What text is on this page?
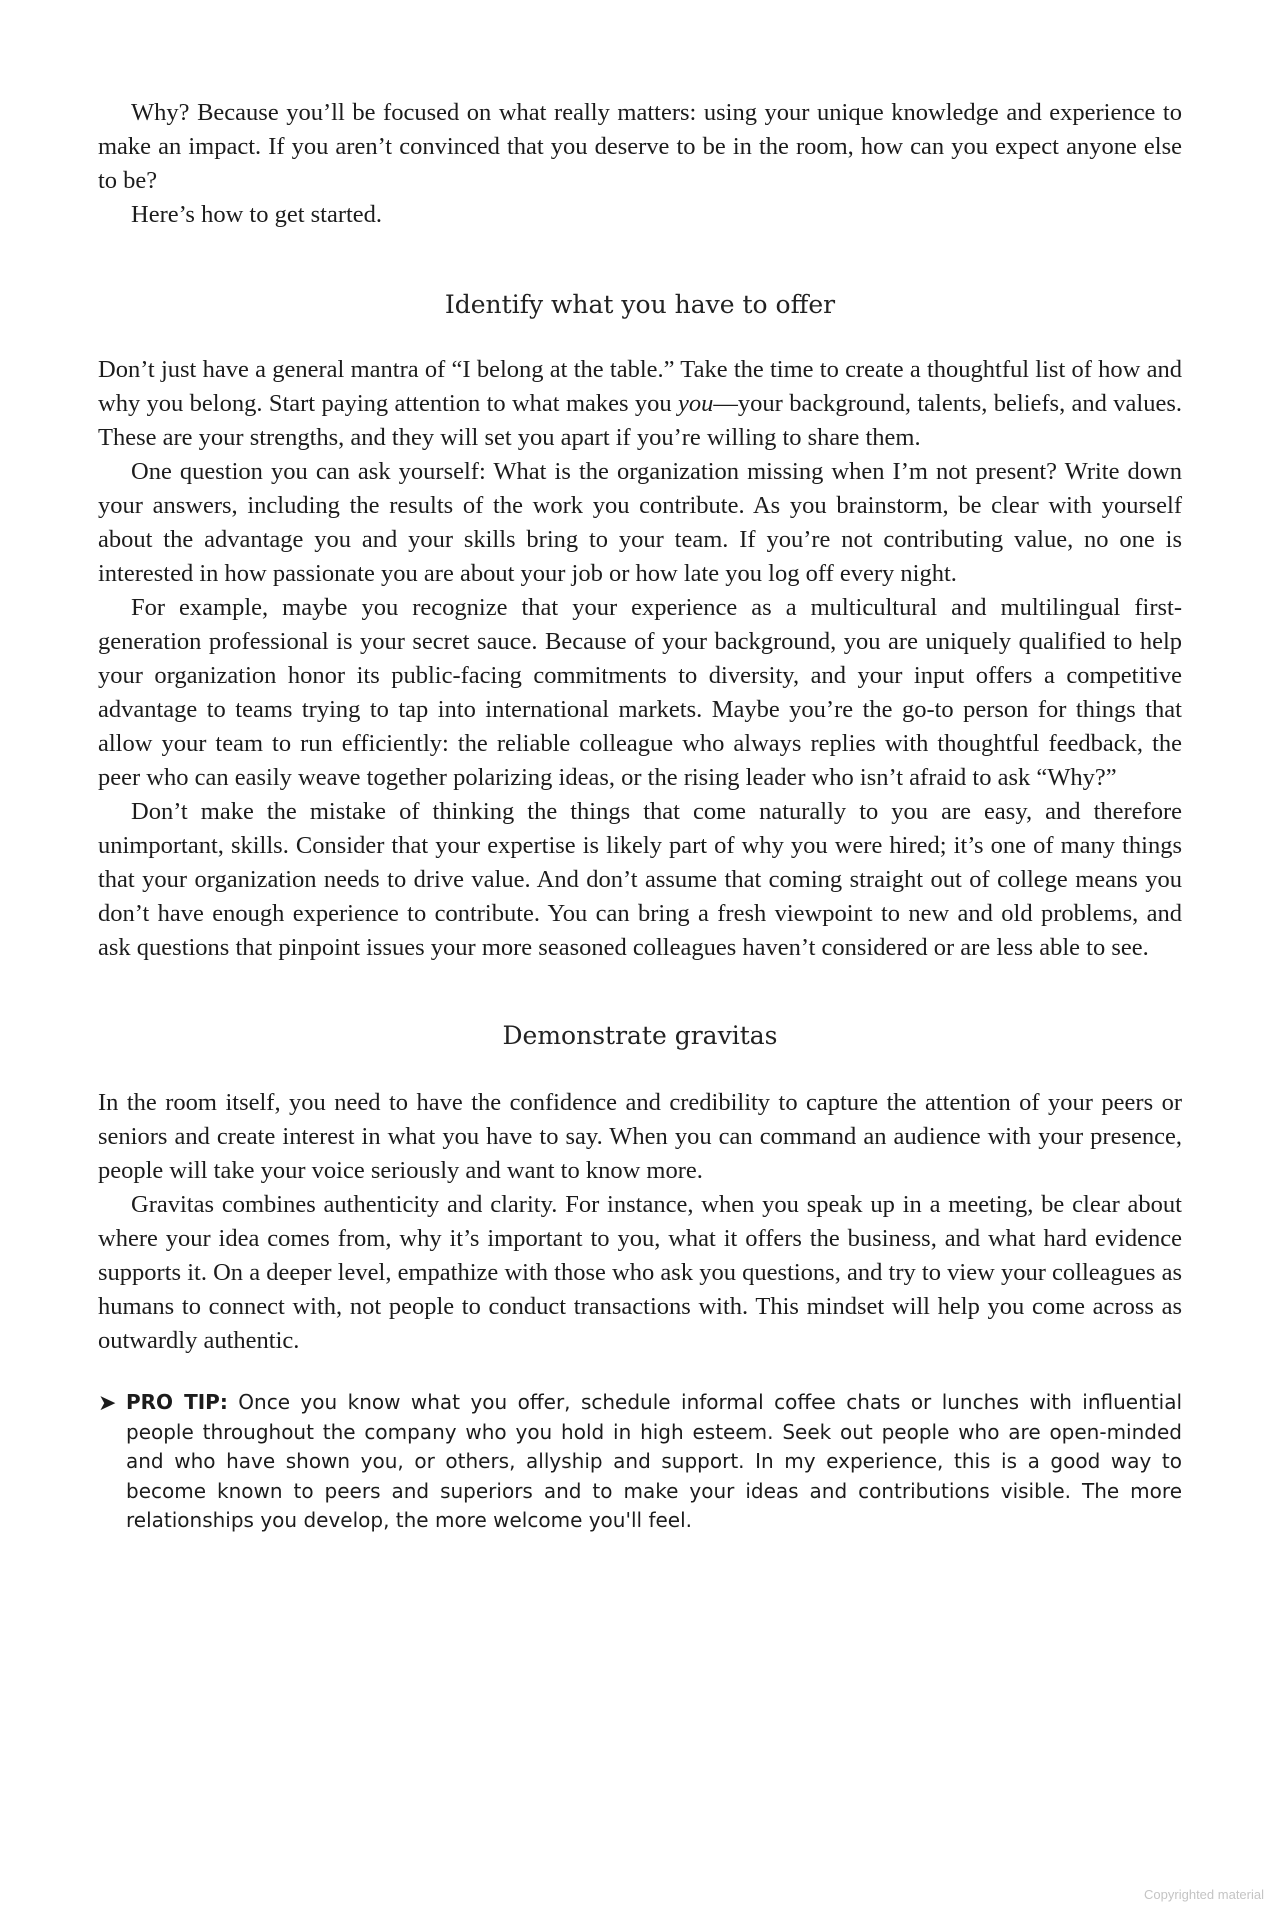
Why? Because you’ll be focused on what really matters: using your unique knowledge and experience to make an impact. If you aren’t convinced that you deserve to be in the room, how can you expect anyone else to be?

Here’s how to get started.

Identify what you have to offer

Don’t just have a general mantra of “I belong at the table.” Take the time to create a thoughtful list of how and why you belong. Start paying attention to what makes you you—your background, talents, beliefs, and values. These are your strengths, and they will set you apart if you’re willing to share them.

One question you can ask yourself: What is the organization missing when I’m not present? Write down your answers, including the results of the work you contribute. As you brainstorm, be clear with yourself about the advantage you and your skills bring to your team. If you’re not contributing value, no one is interested in how passionate you are about your job or how late you log off every night.

For example, maybe you recognize that your experience as a multicultural and multilingual first-generation professional is your secret sauce. Because of your background, you are uniquely qualified to help your organization honor its public-facing commitments to diversity, and your input offers a competitive advantage to teams trying to tap into international markets. Maybe you’re the go-to person for things that allow your team to run efficiently: the reliable colleague who always replies with thoughtful feedback, the peer who can easily weave together polarizing ideas, or the rising leader who isn’t afraid to ask “Why?”

Don’t make the mistake of thinking the things that come naturally to you are easy, and therefore unimportant, skills. Consider that your expertise is likely part of why you were hired; it’s one of many things that your organization needs to drive value. And don’t assume that coming straight out of college means you don’t have enough experience to contribute. You can bring a fresh viewpoint to new and old problems, and ask questions that pinpoint issues your more seasoned colleagues haven’t considered or are less able to see.

Demonstrate gravitas

In the room itself, you need to have the confidence and credibility to capture the attention of your peers or seniors and create interest in what you have to say. When you can command an audience with your presence, people will take your voice seriously and want to know more.

Gravitas combines authenticity and clarity. For instance, when you speak up in a meeting, be clear about where your idea comes from, why it’s important to you, what it offers the business, and what hard evidence supports it. On a deeper level, empathize with those who ask you questions, and try to view your colleagues as humans to connect with, not people to conduct transactions with. This mindset will help you come across as outwardly authentic.

➤ PRO TIP: Once you know what you offer, schedule informal coffee chats or lunches with influential people throughout the company who you hold in high esteem. Seek out people who are open-minded and who have shown you, or others, allyship and support. In my experience, this is a good way to become known to peers and superiors and to make your ideas and contributions visible. The more relationships you develop, the more welcome you'll feel.
Copyrighted material
